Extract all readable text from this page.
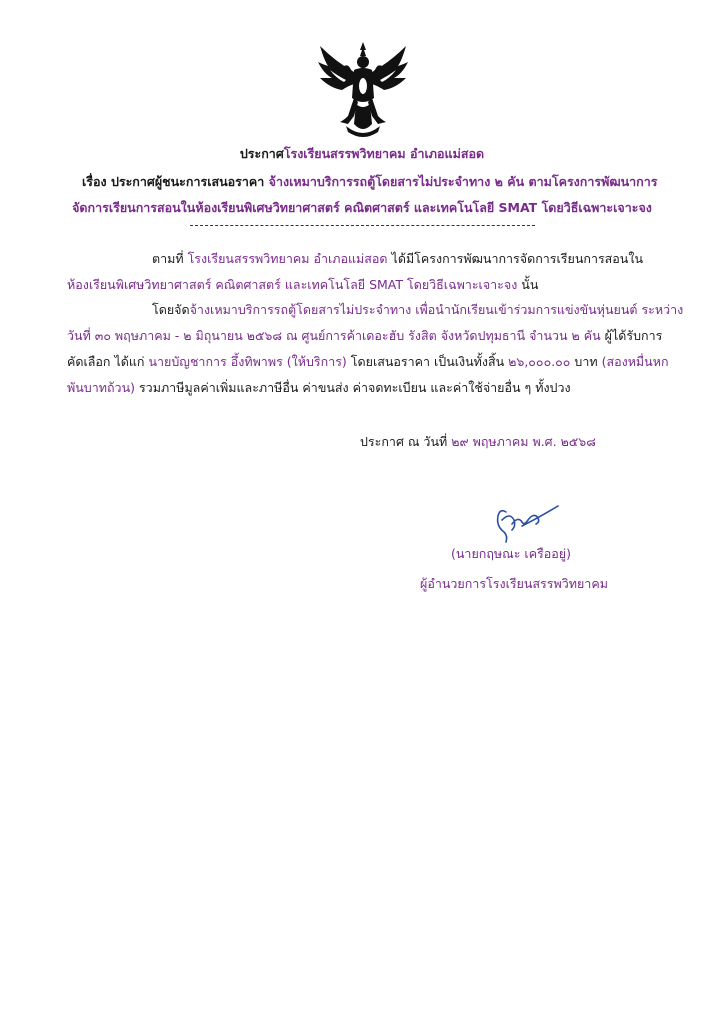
ประกาศโรงเรียนสรรพวิทยาคม อำเภอแม่สอด
เรื่อง ประกาศผู้ชนะการเสนอราคา จ้างเหมาบริการรถตู้โดยสารไม่ประจำทาง ๒ คัน ตามโครงการพัฒนาการ
จัดการเรียนการสอนในห้องเรียนพิเศษวิทยาศาสตร์ คณิตศาสตร์ และเทคโนโลยี SMAT โดยวิธีเฉพาะเจาะจง
ตามที่ โรงเรียนสรรพวิทยาคม อำเภอแม่สอด ได้มีโครงการพัฒนาการจัดการเรียนการสอนใน
ห้องเรียนพิเศษวิทยาศาสตร์ คณิตศาสตร์ และเทคโนโลยี SMAT โดยวิธีเฉพาะเจาะจง นั้น
โดยจัดจ้างเหมาบริการรถตู้โดยสารไม่ประจำทาง เพื่อนำนักเรียนเข้าร่วมการแข่งขันหุ่นยนต์ ระหว่าง
วันที่ ๓๐ พฤษภาคม - ๒ มิถุนายน ๒๕๖๘ ณ ศูนย์การค้าเดอะฮับ รังสิต จังหวัดปทุมธานี จำนวน ๒ คัน ผู้ได้รับการ
คัดเลือก ได้แก่ นายบัญชาการ อึ้งทิพาพร (ให้บริการ) โดยเสนอราคา เป็นเงินทั้งสิ้น ๒๖,๐๐๐.๐๐ บาท (สองหมื่นหก
พันบาทถ้วน) รวมภาษีมูลค่าเพิ่มและภาษีอื่น ค่าขนส่ง ค่าจดทะเบียน และค่าใช้จ่ายอื่น ๆ ทั้งปวง
ประกาศ ณ วันที่ ๒๙ พฤษภาคม พ.ศ. ๒๕๖๘
(นายกฤษณะ เครืออยู่)
ผู้อำนวยการโรงเรียนสรรพวิทยาคม
